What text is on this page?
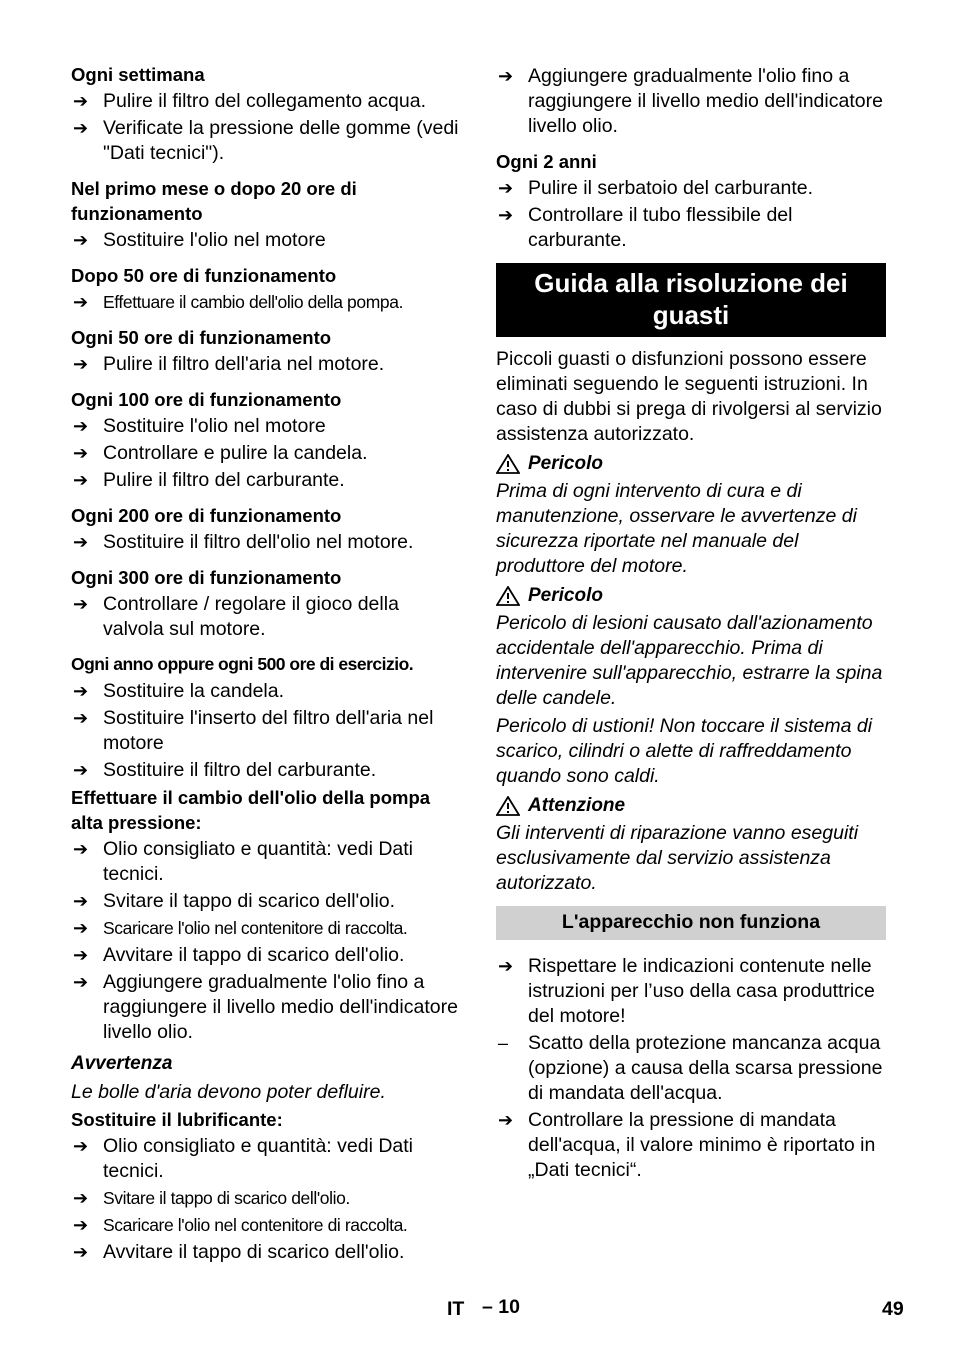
Ogni settimana
➔ Pulire il filtro del collegamento acqua.
➔ Verificate la pressione delle gomme (vedi "Dati tecnici").
Nel primo mese o dopo 20 ore di funzionamento
➔ Sostituire l'olio nel motore
Dopo 50 ore di funzionamento
➔ Effettuare il cambio dell'olio della pompa.
Ogni 50 ore di funzionamento
➔ Pulire il filtro dell'aria nel motore.
Ogni 100 ore di funzionamento
➔ Sostituire l'olio nel motore
➔ Controllare e pulire la candela.
➔ Pulire il filtro del carburante.
Ogni 200 ore di funzionamento
➔ Sostituire il filtro dell'olio nel motore.
Ogni 300 ore di funzionamento
➔ Controllare / regolare il gioco della valvola sul motore.
Ogni anno oppure ogni 500 ore di esercizio.
➔ Sostituire la candela.
➔ Sostituire l'inserto del filtro dell'aria nel motore
➔ Sostituire il filtro del carburante.
Effettuare il cambio dell'olio della pompa alta pressione:
➔ Olio consigliato e quantità: vedi Dati tecnici.
➔ Svitare il tappo di scarico dell'olio.
➔ Scaricare l'olio nel contenitore di raccolta.
➔ Avvitare il tappo di scarico dell'olio.
➔ Aggiungere gradualmente l'olio fino a raggiungere il livello medio dell'indicatore livello olio.
Avvertenza

Le bolle d'aria devono poter defluire.

Sostituire il lubrificante:
➔ Olio consigliato e quantità: vedi Dati tecnici.
➔ Svitare il tappo di scarico dell'olio.
➔ Scaricare l'olio nel contenitore di raccolta.
➔ Avvitare il tappo di scarico dell'olio.
➔ Aggiungere gradualmente l'olio fino a raggiungere il livello medio dell'indicatore livello olio.
Ogni 2 anni
➔ Pulire il serbatoio del carburante.
➔ Controllare il tubo flessibile del carburante.
Guida alla risoluzione dei guasti

Piccoli guasti o disfunzioni possono essere eliminati seguendo le seguenti istruzioni. In caso di dubbi si prega di rivolgersi al servizio assistenza autorizzato.

Pericolo

Prima di ogni intervento di cura e di manutenzione, osservare le avvertenze di sicurezza riportate nel manuale del produttore del motore.

Pericolo

Pericolo di lesioni causato dall'azionamento accidentale dell'apparecchio. Prima di intervenire sull'apparecchio, estrarre la spina delle candele.

Pericolo di ustioni! Non toccare il sistema di scarico, cilindri o alette di raffreddamento quando sono caldi.

Attenzione

Gli interventi di riparazione vanno eseguiti esclusivamente dal servizio assistenza autorizzato.

L'apparecchio non funziona
➔ Rispettare le indicazioni contenute nelle istruzioni per l’uso della casa produttrice del motore!
– Scatto della protezione mancanza acqua (opzione) a causa della scarsa pressione di mandata dell'acqua.
➔ Controllare la pressione di mandata dell'acqua, il valore minimo è riportato in „Dati tecnici“.
IT – 10	49
